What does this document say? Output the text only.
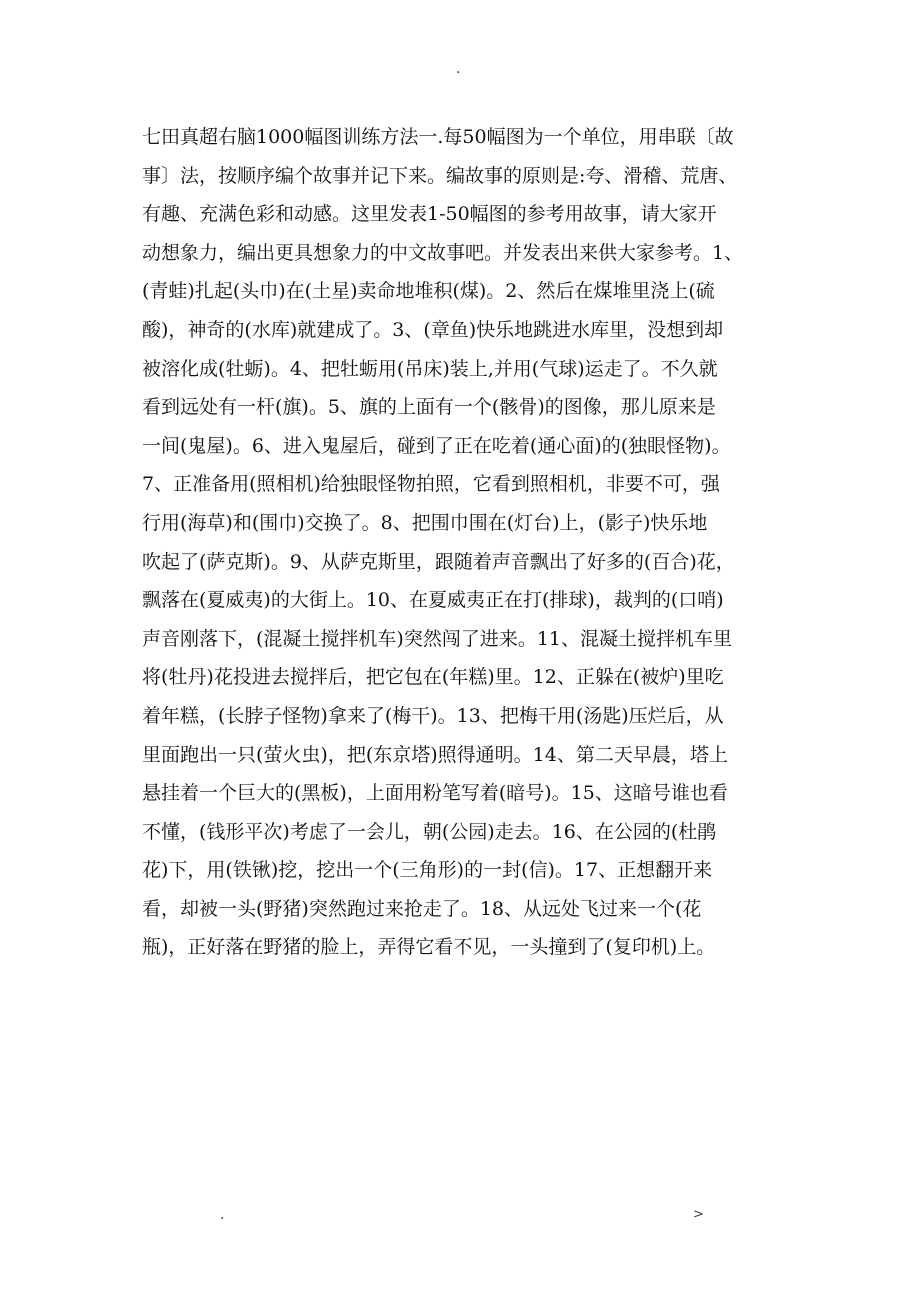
.
七田真超右脑1000幅图训练方法一.每50幅图为一个单位，用串联〔故
事〕法，按顺序编个故事并记下来。编故事的原则是:夸、滑稽、荒唐、
有趣、充满色彩和动感。这里发表1-50幅图的参考用故事，请大家开
动想象力，编出更具想象力的中文故事吧。并发表出来供大家参考。1、
(青蛙)扎起(头巾)在(土星)卖命地堆积(煤)。2、然后在煤堆里浇上(硫
酸)，神奇的(水库)就建成了。3、(章鱼)快乐地跳进水库里，没想到却
被溶化成(牡蛎)。4、把牡蛎用(吊床)装上,并用(气球)运走了。不久就
看到远处有一杆(旗)。5、旗的上面有一个(骸骨)的图像，那儿原来是
一间(鬼屋)。6、进入鬼屋后，碰到了正在吃着(通心面)的(独眼怪物)。
7、正准备用(照相机)给独眼怪物拍照，它看到照相机，非要不可，强
行用(海草)和(围巾)交换了。8、把围巾围在(灯台)上，(影子)快乐地
吹起了(萨克斯)。9、从萨克斯里，跟随着声音飘出了好多的(百合)花，
飘落在(夏威夷)的大街上。10、在夏威夷正在打(排球)，裁判的(口哨)
声音刚落下，(混凝土搅拌机车)突然闯了进来。11、混凝土搅拌机车里
将(牡丹)花投进去搅拌后，把它包在(年糕)里。12、正躲在(被炉)里吃
着年糕，(长脖子怪物)拿来了(梅干)。13、把梅干用(汤匙)压烂后，从
里面跑出一只(萤火虫)，把(东京塔)照得通明。14、第二天早晨，塔上
悬挂着一个巨大的(黑板)，上面用粉笔写着(暗号)。15、这暗号谁也看
不懂，(钱形平次)考虑了一会儿，朝(公园)走去。16、在公园的(杜鹃
花)下，用(铁锹)挖，挖出一个(三角形)的一封(信)。17、正想翻开来
看，却被一头(野猪)突然跑过来抢走了。18、从远处飞过来一个(花
瓶)，正好落在野猪的脸上，弄得它看不见，一头撞到了(复印机)上。
.	>
